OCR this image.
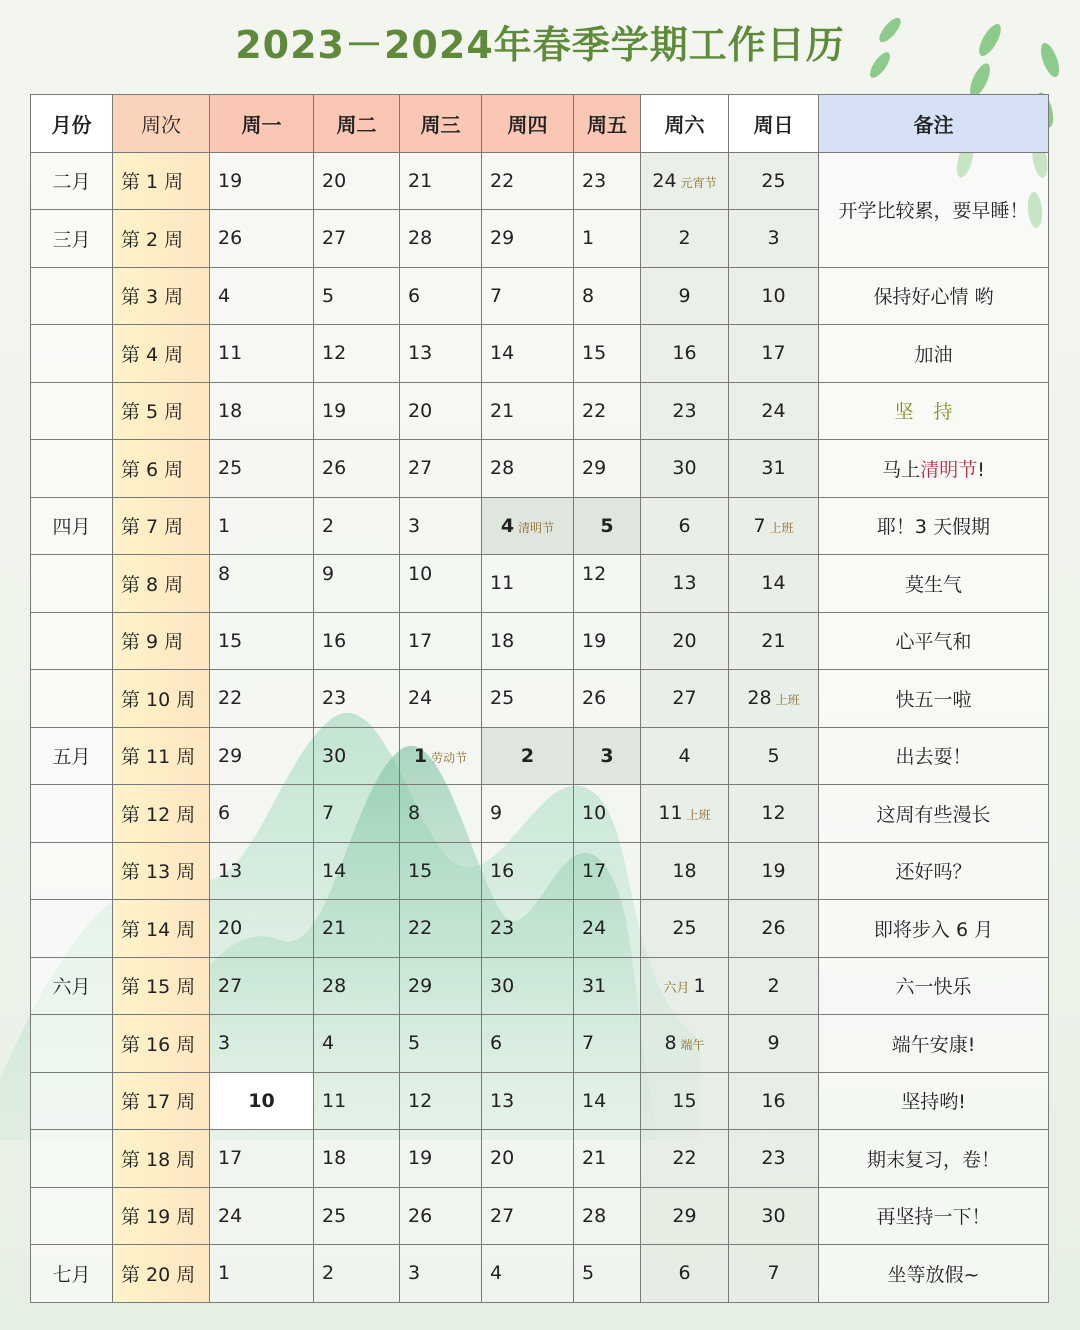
2023－2024年春季学期工作日历
月份	周次	周一	周二	周三	周四	周五	周六	周日	备注
二月	第 1 周	19	20	21	22	23	24 元宵节	25	开学比较累，要早睡！
三月	第 2 周	26	27	28	29	1	2	3	
	第 3 周	4	5	6	7	8	9	10	保持好心情 哟
	第 4 周	11	12	13	14	15	16	17	加油
	第 5 周	18	19	20	21	22	23	24	坚持
	第 6 周	25	26	27	28	29	30	31	马上清明节!
四月	第 7 周	1	2	3	4 清明节	5	6	7 上班	耶！3 天假期
	第 8 周	8	9	10	11	12	13	14	莫生气
	第 9 周	15	16	17	18	19	20	21	心平气和
	第 10 周	22	23	24	25	26	27	28 上班	快五一啦
五月	第 11 周	29	30	1 劳动节	2	3	4	5	出去耍！
	第 12 周	6	7	8	9	10	11 上班	12	这周有些漫长
	第 13 周	13	14	15	16	17	18	19	还好吗？
	第 14 周	20	21	22	23	24	25	26	即将步入 6 月
六月	第 15 周	27	28	29	30	31	六月 1	2	六一快乐
	第 16 周	3	4	5	6	7	8 端午	9	端午安康!
	第 17 周	10	11	12	13	14	15	16	坚持哟!
	第 18 周	17	18	19	20	21	22	23	期末复习，卷！
	第 19 周	24	25	26	27	28	29	30	再坚持一下！
七月	第 20 周	1	2	3	4	5	6	7	坐等放假~
